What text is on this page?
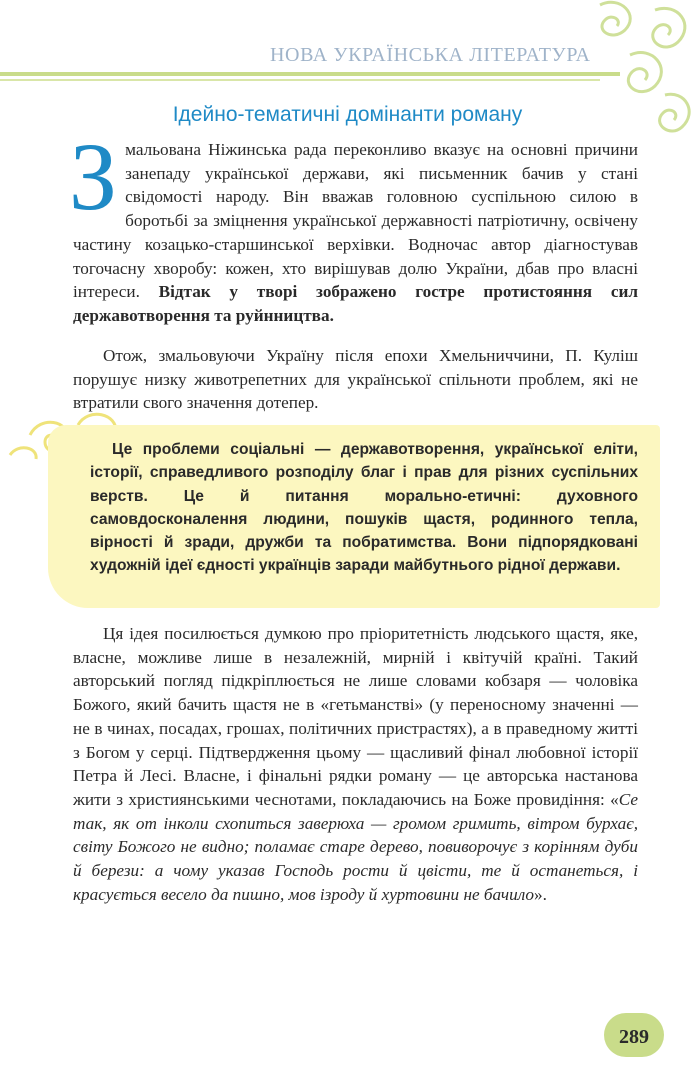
НОВА УКРАЇНСЬКА ЛІТЕРАТУРА
Ідейно-тематичні домінанти роману

Змальована Ніжинська рада переконливо вказує на основні причини занепаду української держави, які письменник бачив у стані свідомості народу. Він вважав головною суспільною силою в боротьбі за зміцнення української державності патріотичну, освічену частину козацько-старшинської верхівки. Водночас автор діагностував тогочасну хворобу: кожен, хто вирішував долю України, дбав про власні інтереси. Відтак у творі зображено гостре протистояння сил державотворення та руйнництва.

Отож, змальовуючи Україну після епохи Хмельниччини, П. Куліш порушує низку животрепетних для української спільноти проблем, які не втратили свого значення дотепер.

Це проблеми соціальні — державотворення, української еліти, історії, справедливого розподілу благ і прав для різних суспільних верств. Це й питання морально-етичні: духовного самовдосконалення людини, пошуків щастя, родинного тепла, вірності й зради, дружби та побратимства. Вони підпорядковані художній ідеї єдності українців заради майбутнього рідної держави.

Ця ідея посилюється думкою про пріоритетність людського щастя, яке, власне, можливе лише в незалежній, мирній і квітучій країні. Такий авторський погляд підкріплюється не лише словами кобзаря — чоловіка Божого, який бачить щастя не в «гетьманстві» (у переносному значенні — не в чинах, посадах, грошах, політичних пристрастях), а в праведному житті з Богом у серці. Підтвердження цьому — щасливий фінал любовної історії Петра й Лесі. Власне, і фінальні рядки роману — це авторська настанова жити з християнськими чеснотами, покладаючись на Боже провидіння: «Се так, як от інколи схопиться заверюха — громом гримить, вітром бурхає, світу Божого не видно; поламає старе дерево, повиворочує з корінням дуби й берези: а чому указав Господь рости й цвісти, те й останеться, і красується весело да пишно, мов ізроду й хуртовини не бачило».

289
